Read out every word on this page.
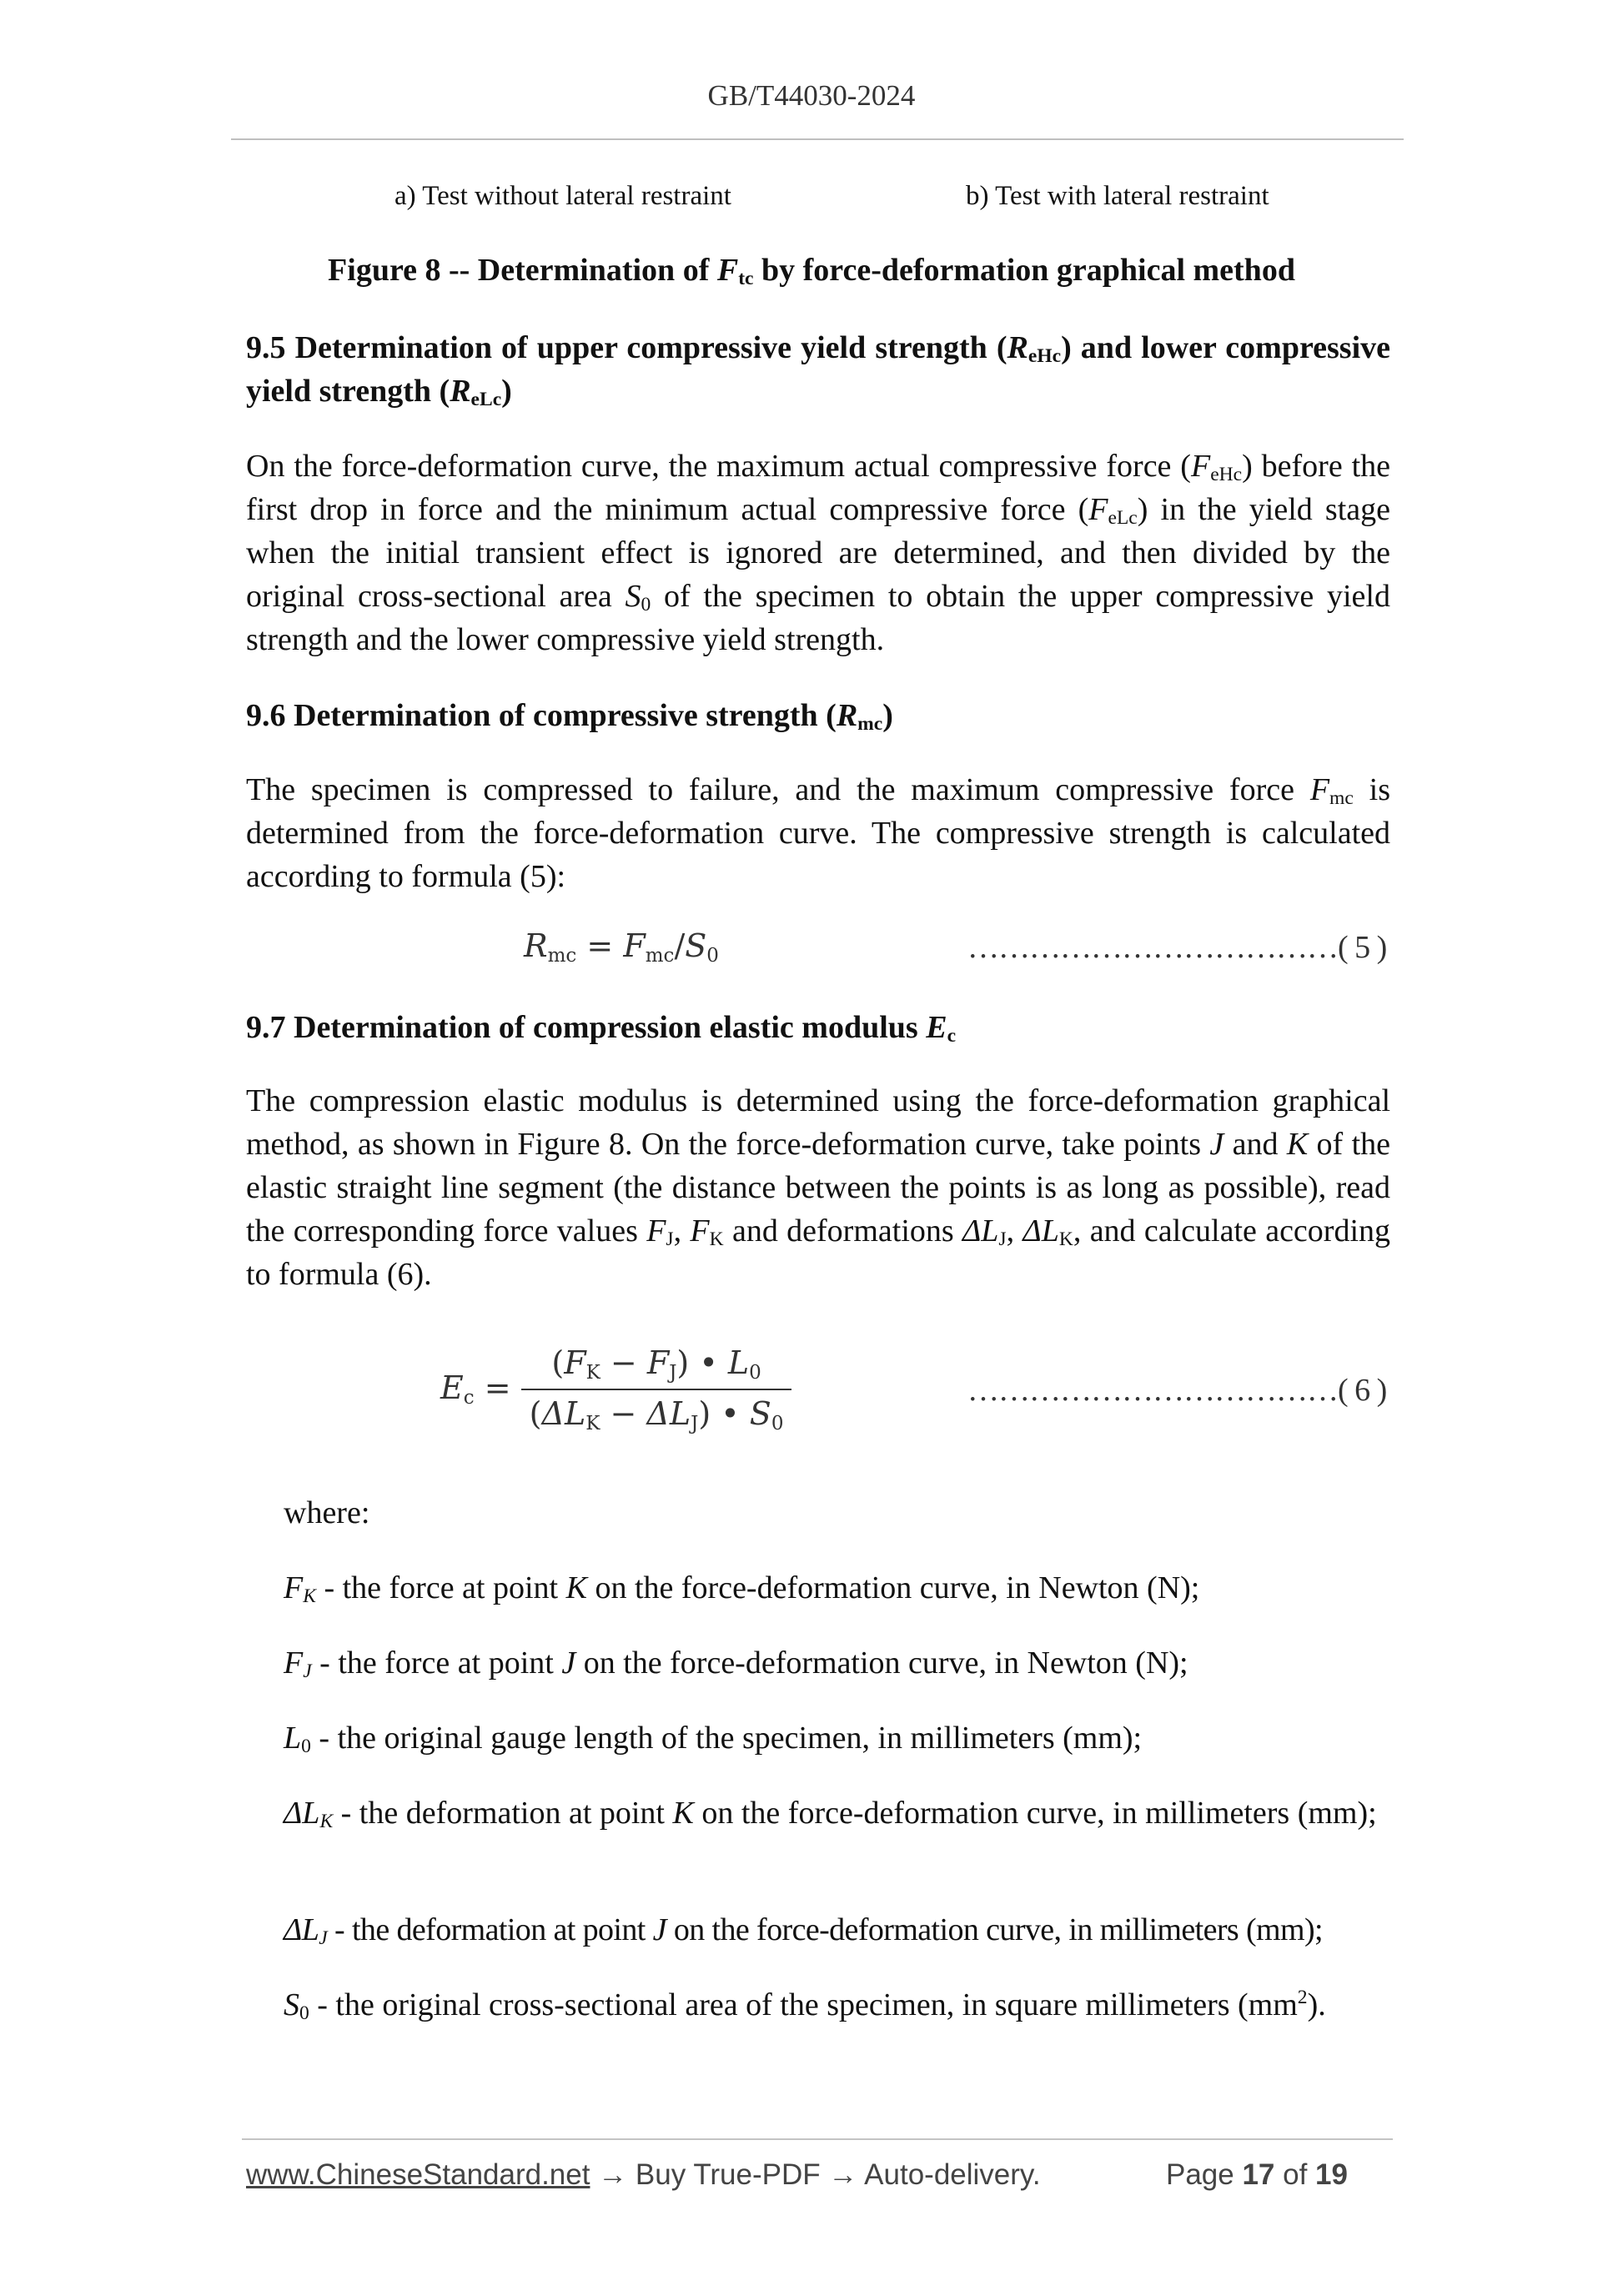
GB/T44030-2024
a) Test without lateral restraint	b) Test with lateral restraint
Figure 8 -- Determination of $F_{tc}$ by force-deformation graphical method
9.5 Determination of upper compressive yield strength $(R_{eHc})$ and lower compressive yield strength $(R_{eLc})$
On the force-deformation curve, the maximum actual compressive force $(F_{eHc})$ before the first drop in force and the minimum actual compressive force $(F_{eLc})$ in the yield stage when the initial transient effect is ignored are determined, and then divided by the original cross-sectional area $S_0$ of the specimen to obtain the upper compressive yield strength and the lower compressive yield strength.
9.6 Determination of compressive strength $(R_{mc})$
The specimen is compressed to failure, and the maximum compressive force $F_{mc}$ is determined from the force-deformation curve. The compressive strength is calculated according to formula (5):
Rmc = Fmc/S0	………………………………( 5 )
9.7 Determination of compression elastic modulus $E_c$
The compression elastic modulus is determined using the force-deformation graphical method, as shown in Figure 8. On the force-deformation curve, take points J and K of the elastic straight line segment (the distance between the points is as long as possible), read the corresponding force values $F_J$, $F_K$ and deformations $\Delta L_J$, $\Delta L_K$, and calculate according to formula (6).
$Ec = \frac{(FK - FJ) • L0}{\text{(ΔLK − ΔLJ) • S0}}$	………………………………( 6 )
where:
$F_K$ - the force at point K on the force-deformation curve, in Newton (N);
$F_J$ - the force at point J on the force-deformation curve, in Newton (N);
$L_0$ - the original gauge length of the specimen, in millimeters (mm);
$\Delta L_K$ - the deformation at point K on the force-deformation curve, in millimeters (mm);
$\Delta L_J$ - the deformation at point J on the force-deformation curve, in millimeters (mm);
$S_0$ - the original cross-sectional area of the specimen, in square millimeters $(mm^2)$.
www.ChineseStandard.net → Buy True-PDF → Auto-delivery.	Page 17 of 19
